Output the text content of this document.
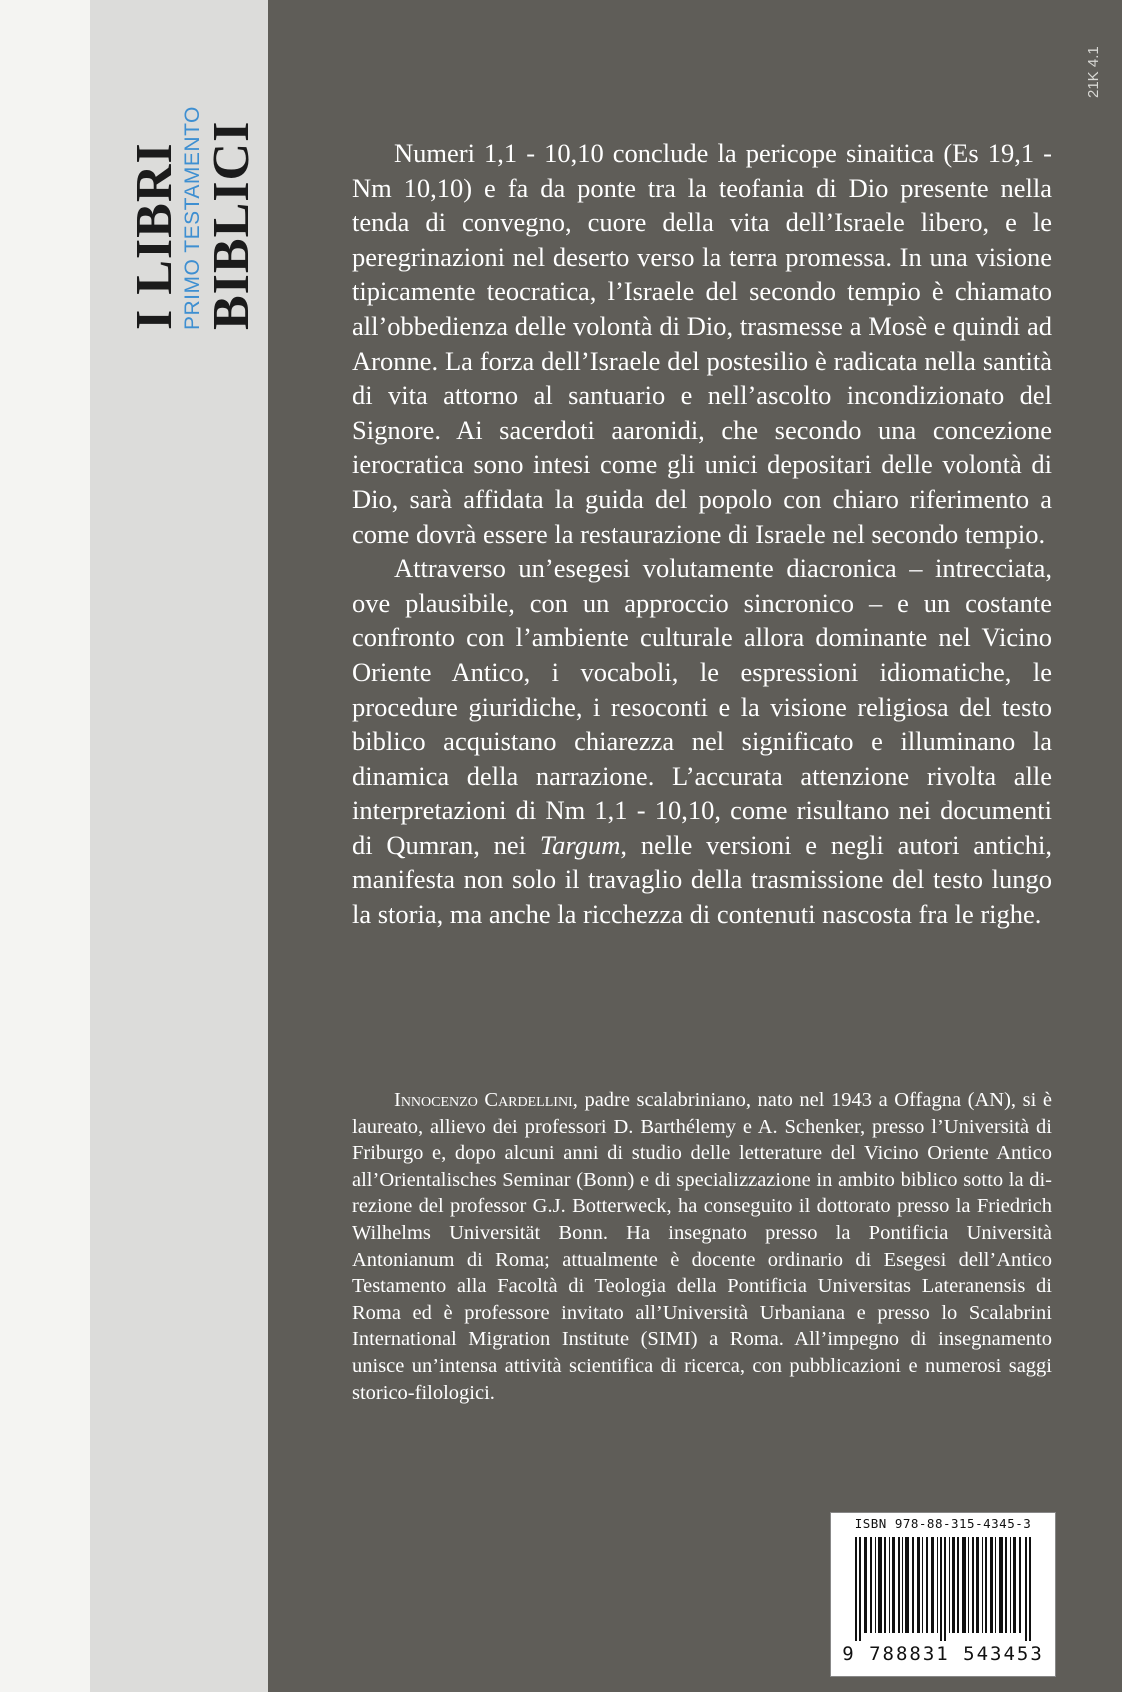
I LIBRI
PRIMO TESTAMENTO BIBLICI
21K 4.1

Numeri 1,1 - 10,10 conclude la pericope sinaitica (Es 19,1 - Nm 10,10) e fa da ponte tra la teofania di Dio presente nella tenda di convegno, cuore della vita dell’Israele libero, e le peregrinazioni nel deserto verso la terra promessa. In una visione tipicamente teocratica, l’Israele del secondo tempio è chiamato all’obbedienza delle volontà di Dio, trasmesse a Mosè e quindi ad Aronne. La forza dell’Israele del postesilio è radicata nella santità di vita attorno al santuario e nell’ascolto incondizionato del Signore. Ai sacerdoti aaronidi, che secondo una concezione ierocratica sono intesi come gli unici depositari delle volontà di Dio, sarà affidata la guida del popolo con chiaro riferimento a come dovrà essere la restaurazione di Israele nel secondo tempio.

Attraverso un’esegesi volutamente diacronica – intrecciata, ove plausibile, con un approccio sincronico – e un costante confronto con l’ambiente culturale allora dominante nel Vicino Oriente Antico, i vocaboli, le espressioni idiomatiche, le procedure giuridiche, i resoconti e la visione religiosa del testo biblico acquistano chiarezza nel significato e illuminano la dinamica della narrazione. L’accurata attenzione rivolta alle interpretazioni di Nm 1,1 - 10,10, come risultano nei documenti di Qumran, nei Targum, nelle versioni e negli autori antichi, manifesta non solo il travaglio della trasmissione del testo lungo la storia, ma anche la ricchezza di contenuti nascosta fra le righe.

Innocenzo Cardellini, padre scalabriniano, nato nel 1943 a Offagna (AN), si è laureato, allievo dei professori D. Barthélemy e A. Schenker, presso l’Università di Friburgo e, dopo alcuni anni di studio delle letterature del Vicino Oriente Antico all’Orientalisches Seminar (Bonn) e di specializzazione in ambito biblico sotto la direzione del professor G.J. Botterweck, ha conseguito il dottorato presso la Friedrich Wilhelms Universität Bonn. Ha insegnato presso la Pontificia Università Antonianum di Roma; attualmente è docente ordinario di Esegesi dell’Antico Testamento alla Facoltà di Teologia della Pontificia Universitas Lateranensis di Roma ed è professore invitato all’Università Urbaniana e presso lo Scalabrini International Migration Institute (SIMI) a Roma. All’impegno di insegnamento unisce un’intensa attività scientifica di ricerca, con pubblicazioni e numerosi saggi storico-filologici.

ISBN 978-88-315-4345-3
9 788831 543453
